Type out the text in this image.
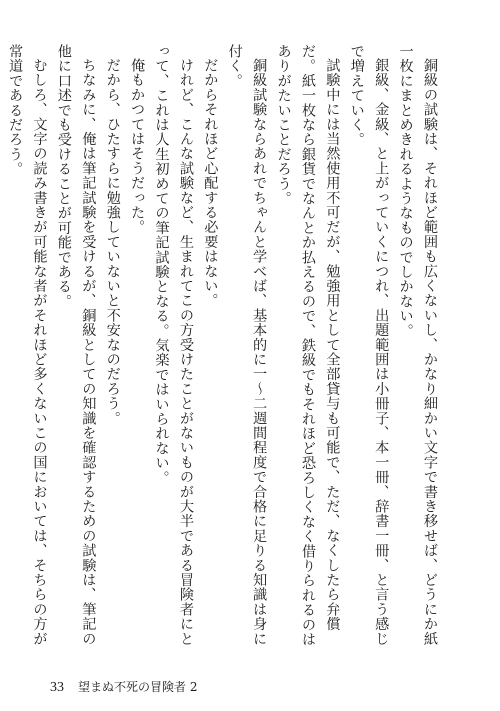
銅級の試験は、それほど範囲も広くないし、かなり細かい文字で書き移せば、どうにか紙一枚にまとめきれるようなものでしかない。

銀級、金級、と上がっていくにつれ、出題範囲は小冊子、本一冊、辞書一冊、と言う感じで増えていく。

試験中には当然使用不可だが、勉強用として全部貸与も可能で、ただ、なくしたら弁償だ。紙一枚なら銀貨でなんとか払えるので、鉄級でもそれほど恐ろしくなく借りられるのはありがたいことだろう。

銅級試験ならあれでちゃんと学べば、基本的に一～二週間程度で合格に足りる知識は身に付く。

だからそれほど心配する必要はない。

けれど、こんな試験など、生まれてこの方受けたことがないものが大半である冒険者にとって、これは人生初めての筆記試験となる。気楽ではいられない。

俺もかつてはそうだった。

だから、ひたすらに勉強していないと不安なのだろう。

ちなみに、俺は筆記試験を受けるが、銅級としての知識を確認するための試験は、筆記の他に口述でも受けることが可能である。

むしろ、文字の読み書きが可能な者がそれほど多くないこの国においては、そちらの方が常道であるだろう。

33 望まぬ不死の冒険者 2
